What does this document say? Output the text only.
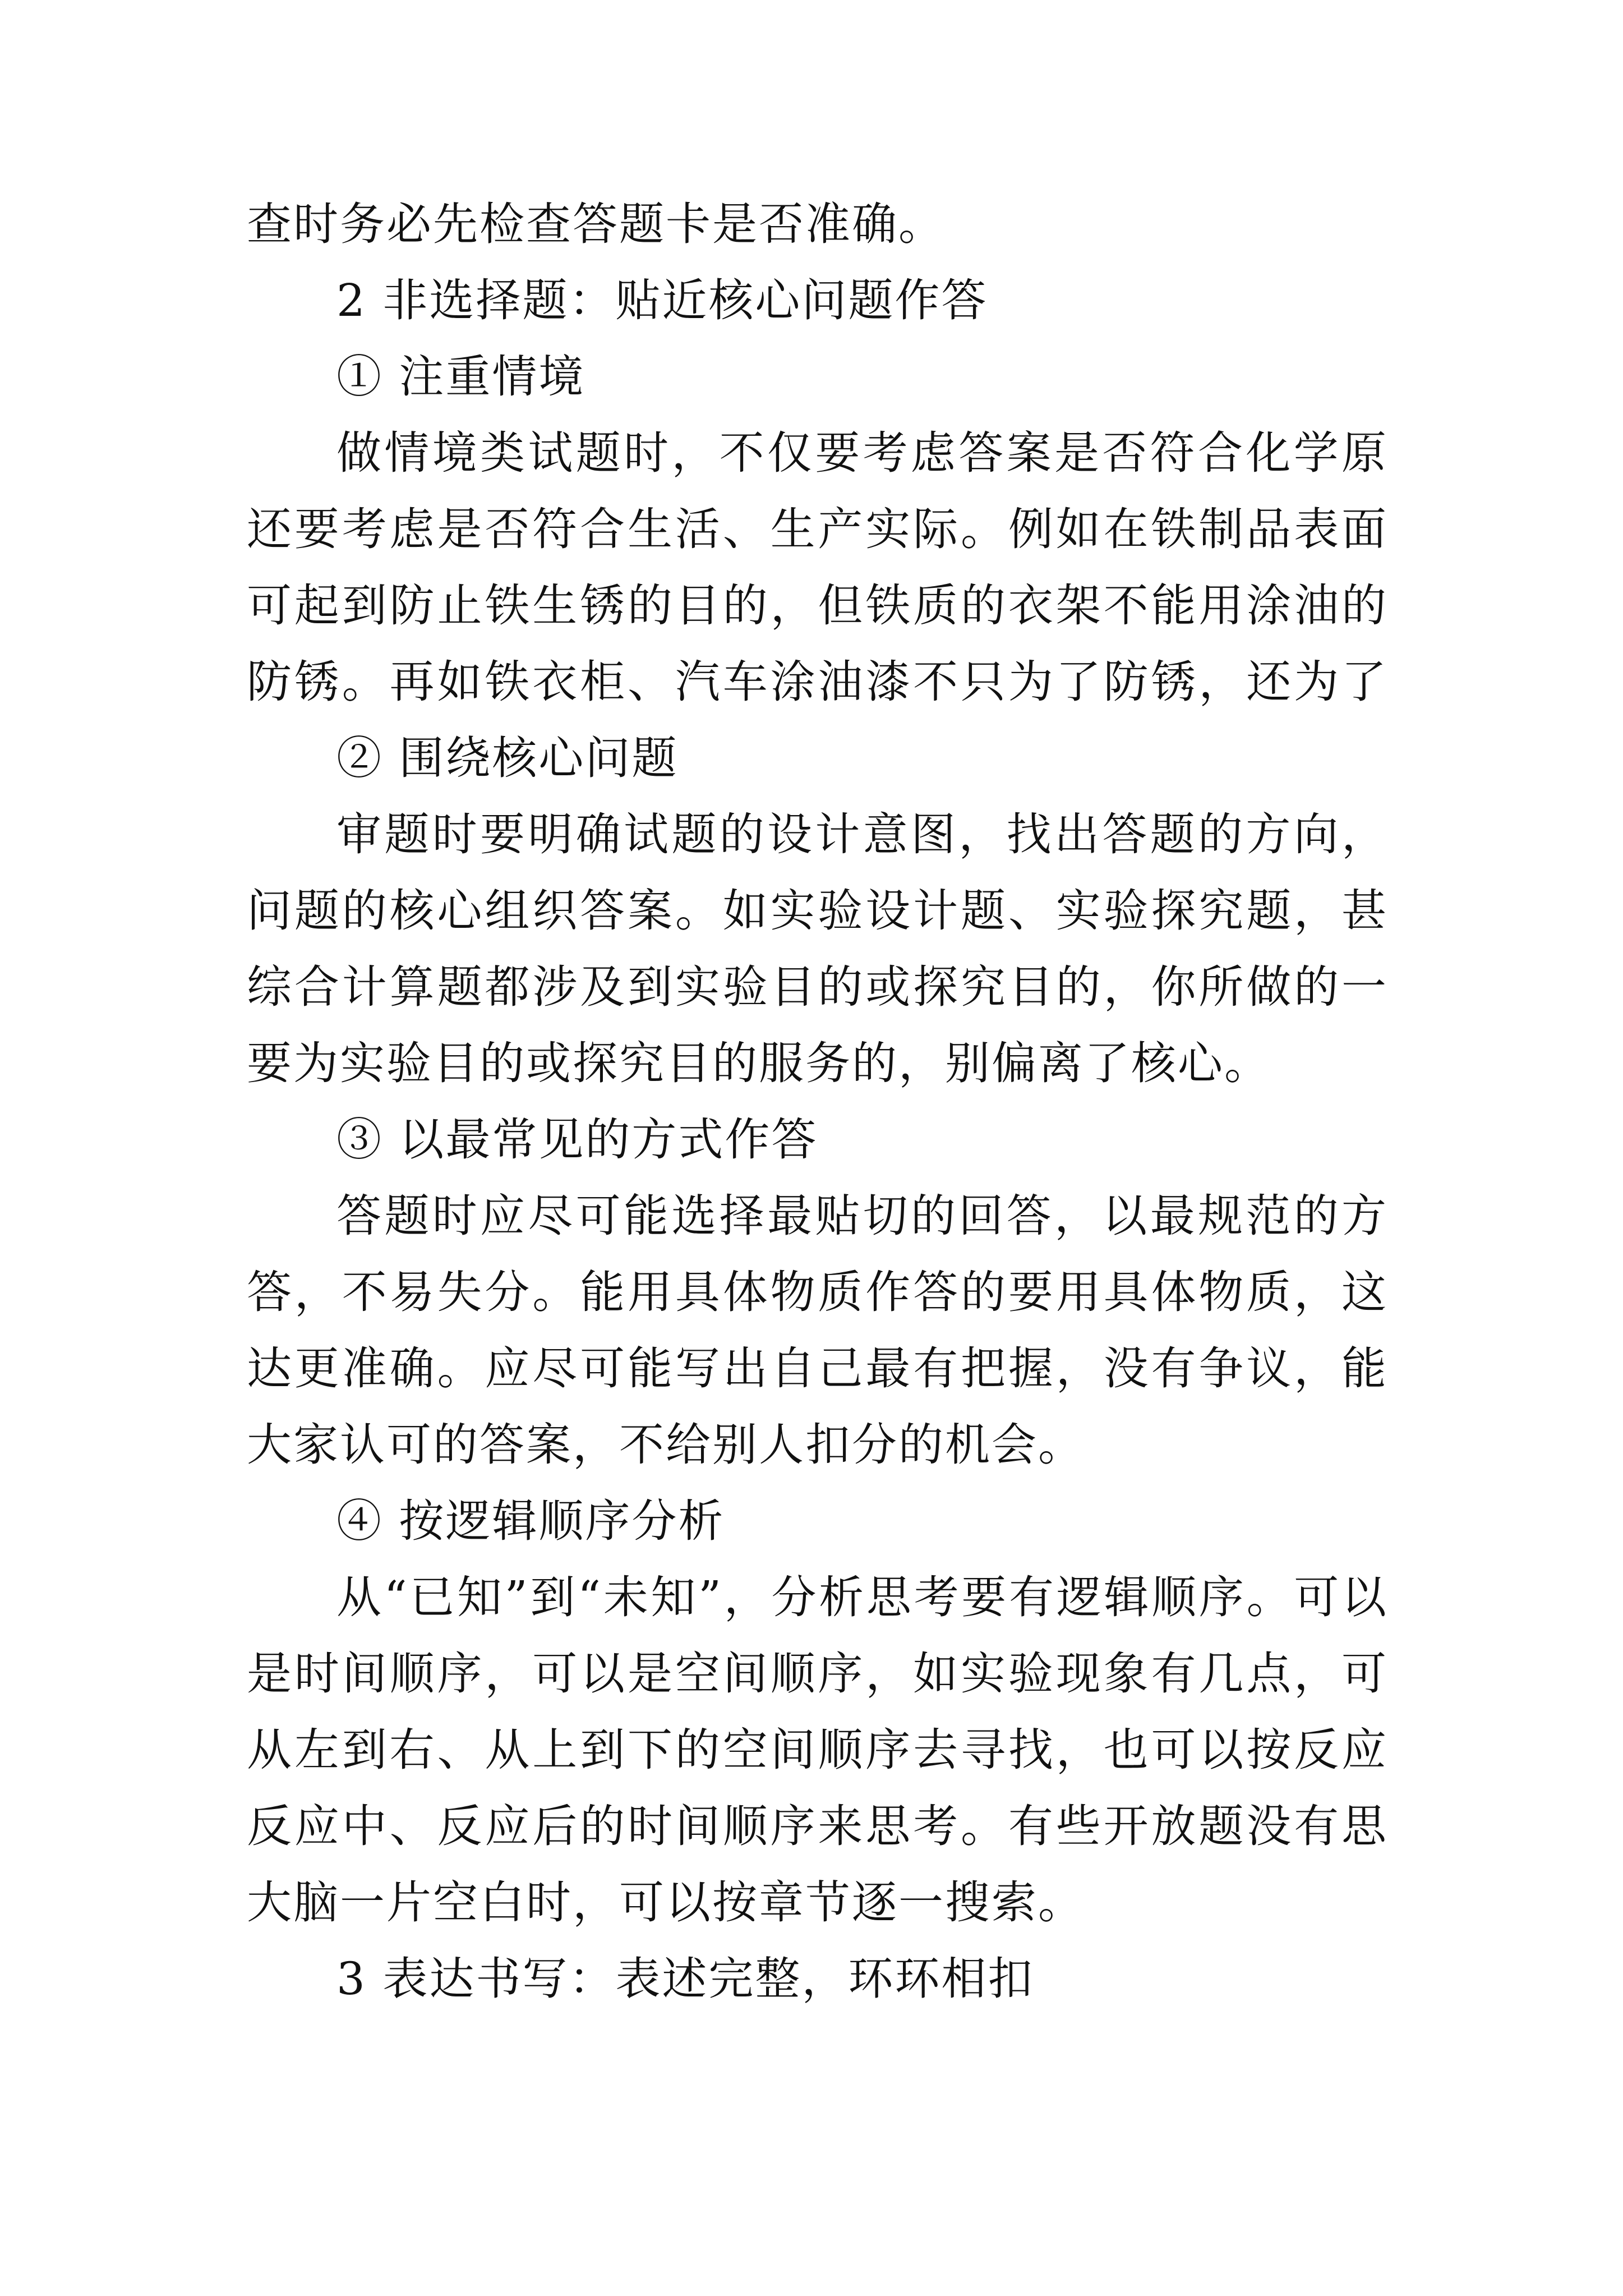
查时务必先检查答题卡是否准确。
2 非选择题：贴近核心问题作答
① 注重情境
做情境类试题时，不仅要考虑答案是否符合化学原
还要考虑是否符合生活、生产实际。例如在铁制品表面
可起到防止铁生锈的目的，但铁质的衣架不能用涂油的
防锈。再如铁衣柜、汽车涂油漆不只为了防锈，还为了
② 围绕核心问题
审题时要明确试题的设计意图，找出答题的方向，
问题的核心组织答案。如实验设计题、实验探究题，甚
综合计算题都涉及到实验目的或探究目的，你所做的一
要为实验目的或探究目的服务的，别偏离了核心。
③ 以最常见的方式作答
答题时应尽可能选择最贴切的回答，以最规范的方
答，不易失分。能用具体物质作答的要用具体物质，这
达更准确。应尽可能写出自己最有把握，没有争议，能
大家认可的答案，不给别人扣分的机会。
④ 按逻辑顺序分析
从“已知”到“未知”，分析思考要有逻辑顺序。可以
是时间顺序，可以是空间顺序，如实验现象有几点，可
从左到右、从上到下的空间顺序去寻找，也可以按反应
反应中、反应后的时间顺序来思考。有些开放题没有思
大脑一片空白时，可以按章节逐一搜索。
3 表达书写：表述完整，环环相扣
